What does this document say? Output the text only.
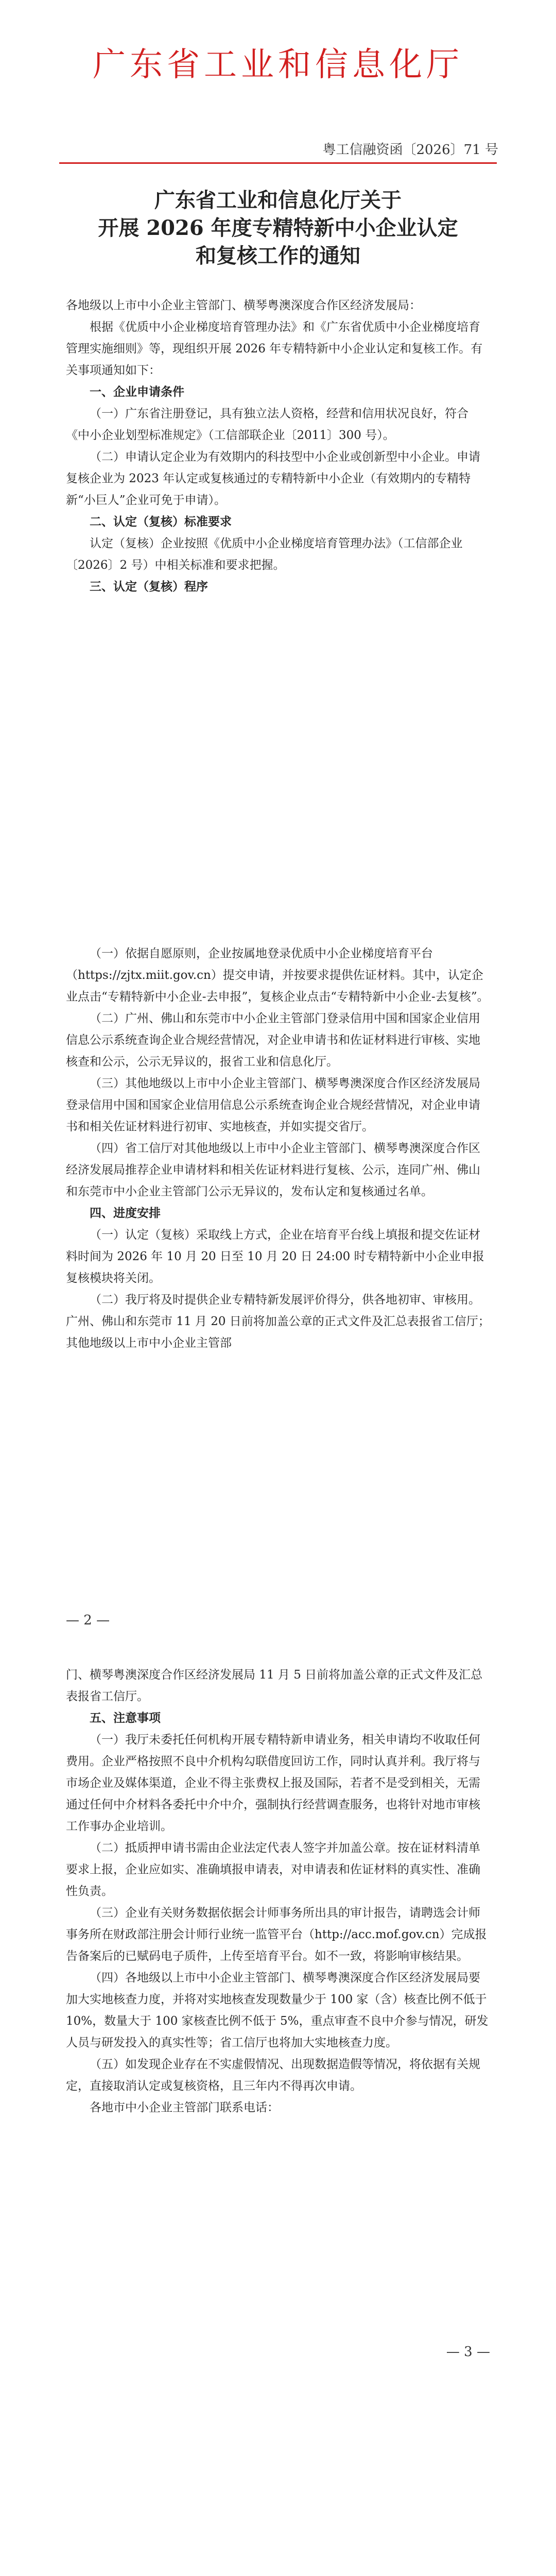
广东省工业和信息化厅
粤工信融资函〔2026〕71 号
广东省工业和信息化厅关于
开展 2026 年度专精特新中小企业认定
和复核工作的通知

各地级以上市中小企业主管部门、横琴粤澳深度合作区经济发展局：

根据《优质中小企业梯度培育管理办法》和《广东省优质中小企业梯度培育管理实施细则》等，现组织开展 2026 年专精特新中小企业认定和复核工作。有关事项通知如下：

一、企业申请条件

（一）广东省注册登记，具有独立法人资格，经营和信用状况良好，符合《中小企业划型标准规定》（工信部联企业〔2011〕300 号）。

（二）申请认定企业为有效期内的科技型中小企业或创新型中小企业。申请复核企业为 2023 年认定或复核通过的专精特新中小企业（有效期内的专精特新“小巨人”企业可免于申请）。

二、认定（复核）标准要求

认定（复核）企业按照《优质中小企业梯度培育管理办法》（工信部企业〔2026〕2 号）中相关标准和要求把握。

三、认定（复核）程序

（一）依据自愿原则，企业按属地登录优质中小企业梯度培育平台（https://zjtx.miit.gov.cn）提交申请，并按要求提供佐证材料。其中，认定企业点击“专精特新中小企业-去申报”，复核企业点击“专精特新中小企业-去复核”。

（二）广州、佛山和东莞市中小企业主管部门登录信用中国和国家企业信用信息公示系统查询企业合规经营情况，对企业申请书和佐证材料进行审核、实地核查和公示，公示无异议的，报省工业和信息化厅。

（三）其他地级以上市中小企业主管部门、横琴粤澳深度合作区经济发展局登录信用中国和国家企业信用信息公示系统查询企业合规经营情况，对企业申请书和相关佐证材料进行初审、实地核查，并如实提交省厅。

（四）省工信厅对其他地级以上市中小企业主管部门、横琴粤澳深度合作区经济发展局推荐企业申请材料和相关佐证材料进行复核、公示，连同广州、佛山和东莞市中小企业主管部门公示无异议的，发布认定和复核通过名单。

四、进度安排

（一）认定（复核）采取线上方式，企业在培育平台线上填报和提交佐证材料时间为 2026 年 10 月 20 日至 10 月 20 日 24:00 时专精特新中小企业申报复核模块将关闭。

（二）我厅将及时提供企业专精特新发展评价得分，供各地初审、审核用。广州、佛山和东莞市 11 月 20 日前将加盖公章的正式文件及汇总表报省工信厅；其他地级以上市中小企业主管部

— 2 —

门、横琴粤澳深度合作区经济发展局 11 月 5 日前将加盖公章的正式文件及汇总表报省工信厅。

五、注意事项

（一）我厅未委托任何机构开展专精特新申请业务，相关申请均不收取任何费用。企业严格按照不良中介机构勾联借度回访工作，同时认真并利。我厅将与市场企业及媒体渠道，企业不得主张费权上报及国际，若者不是受到相关，无需通过任何中介材料各委托中介中介，强制执行经营调查服务，也将针对地市审核工作事办企业培训。

（二）抵质押申请书需由企业法定代表人签字并加盖公章。按在证材料清单要求上报，企业应如实、准确填报申请表，对申请表和佐证材料的真实性、准确性负责。

（三）企业有关财务数据依据会计师事务所出具的审计报告，请聘选会计师事务所在财政部注册会计师行业统一监管平台（http://acc.mof.gov.cn）完成报告备案后的已赋码电子质件，上传至培育平台。如不一致，将影响审核结果。

（四）各地级以上市中小企业主管部门、横琴粤澳深度合作区经济发展局要加大实地核查力度，并将对实地核查发现数量少于 100 家（含）核查比例不低于 10%，数量大于 100 家核查比例不低于 5%，重点审查不良中介参与情况，研发人员与研发投入的真实性等；省工信厅也将加大实地核查力度。

（五）如发现企业存在不实虚假情况、出现数据造假等情况，将依据有关规定，直接取消认定或复核资格，且三年内不得再次申请。

各地市中小企业主管部门联系电话：

— 3 —
